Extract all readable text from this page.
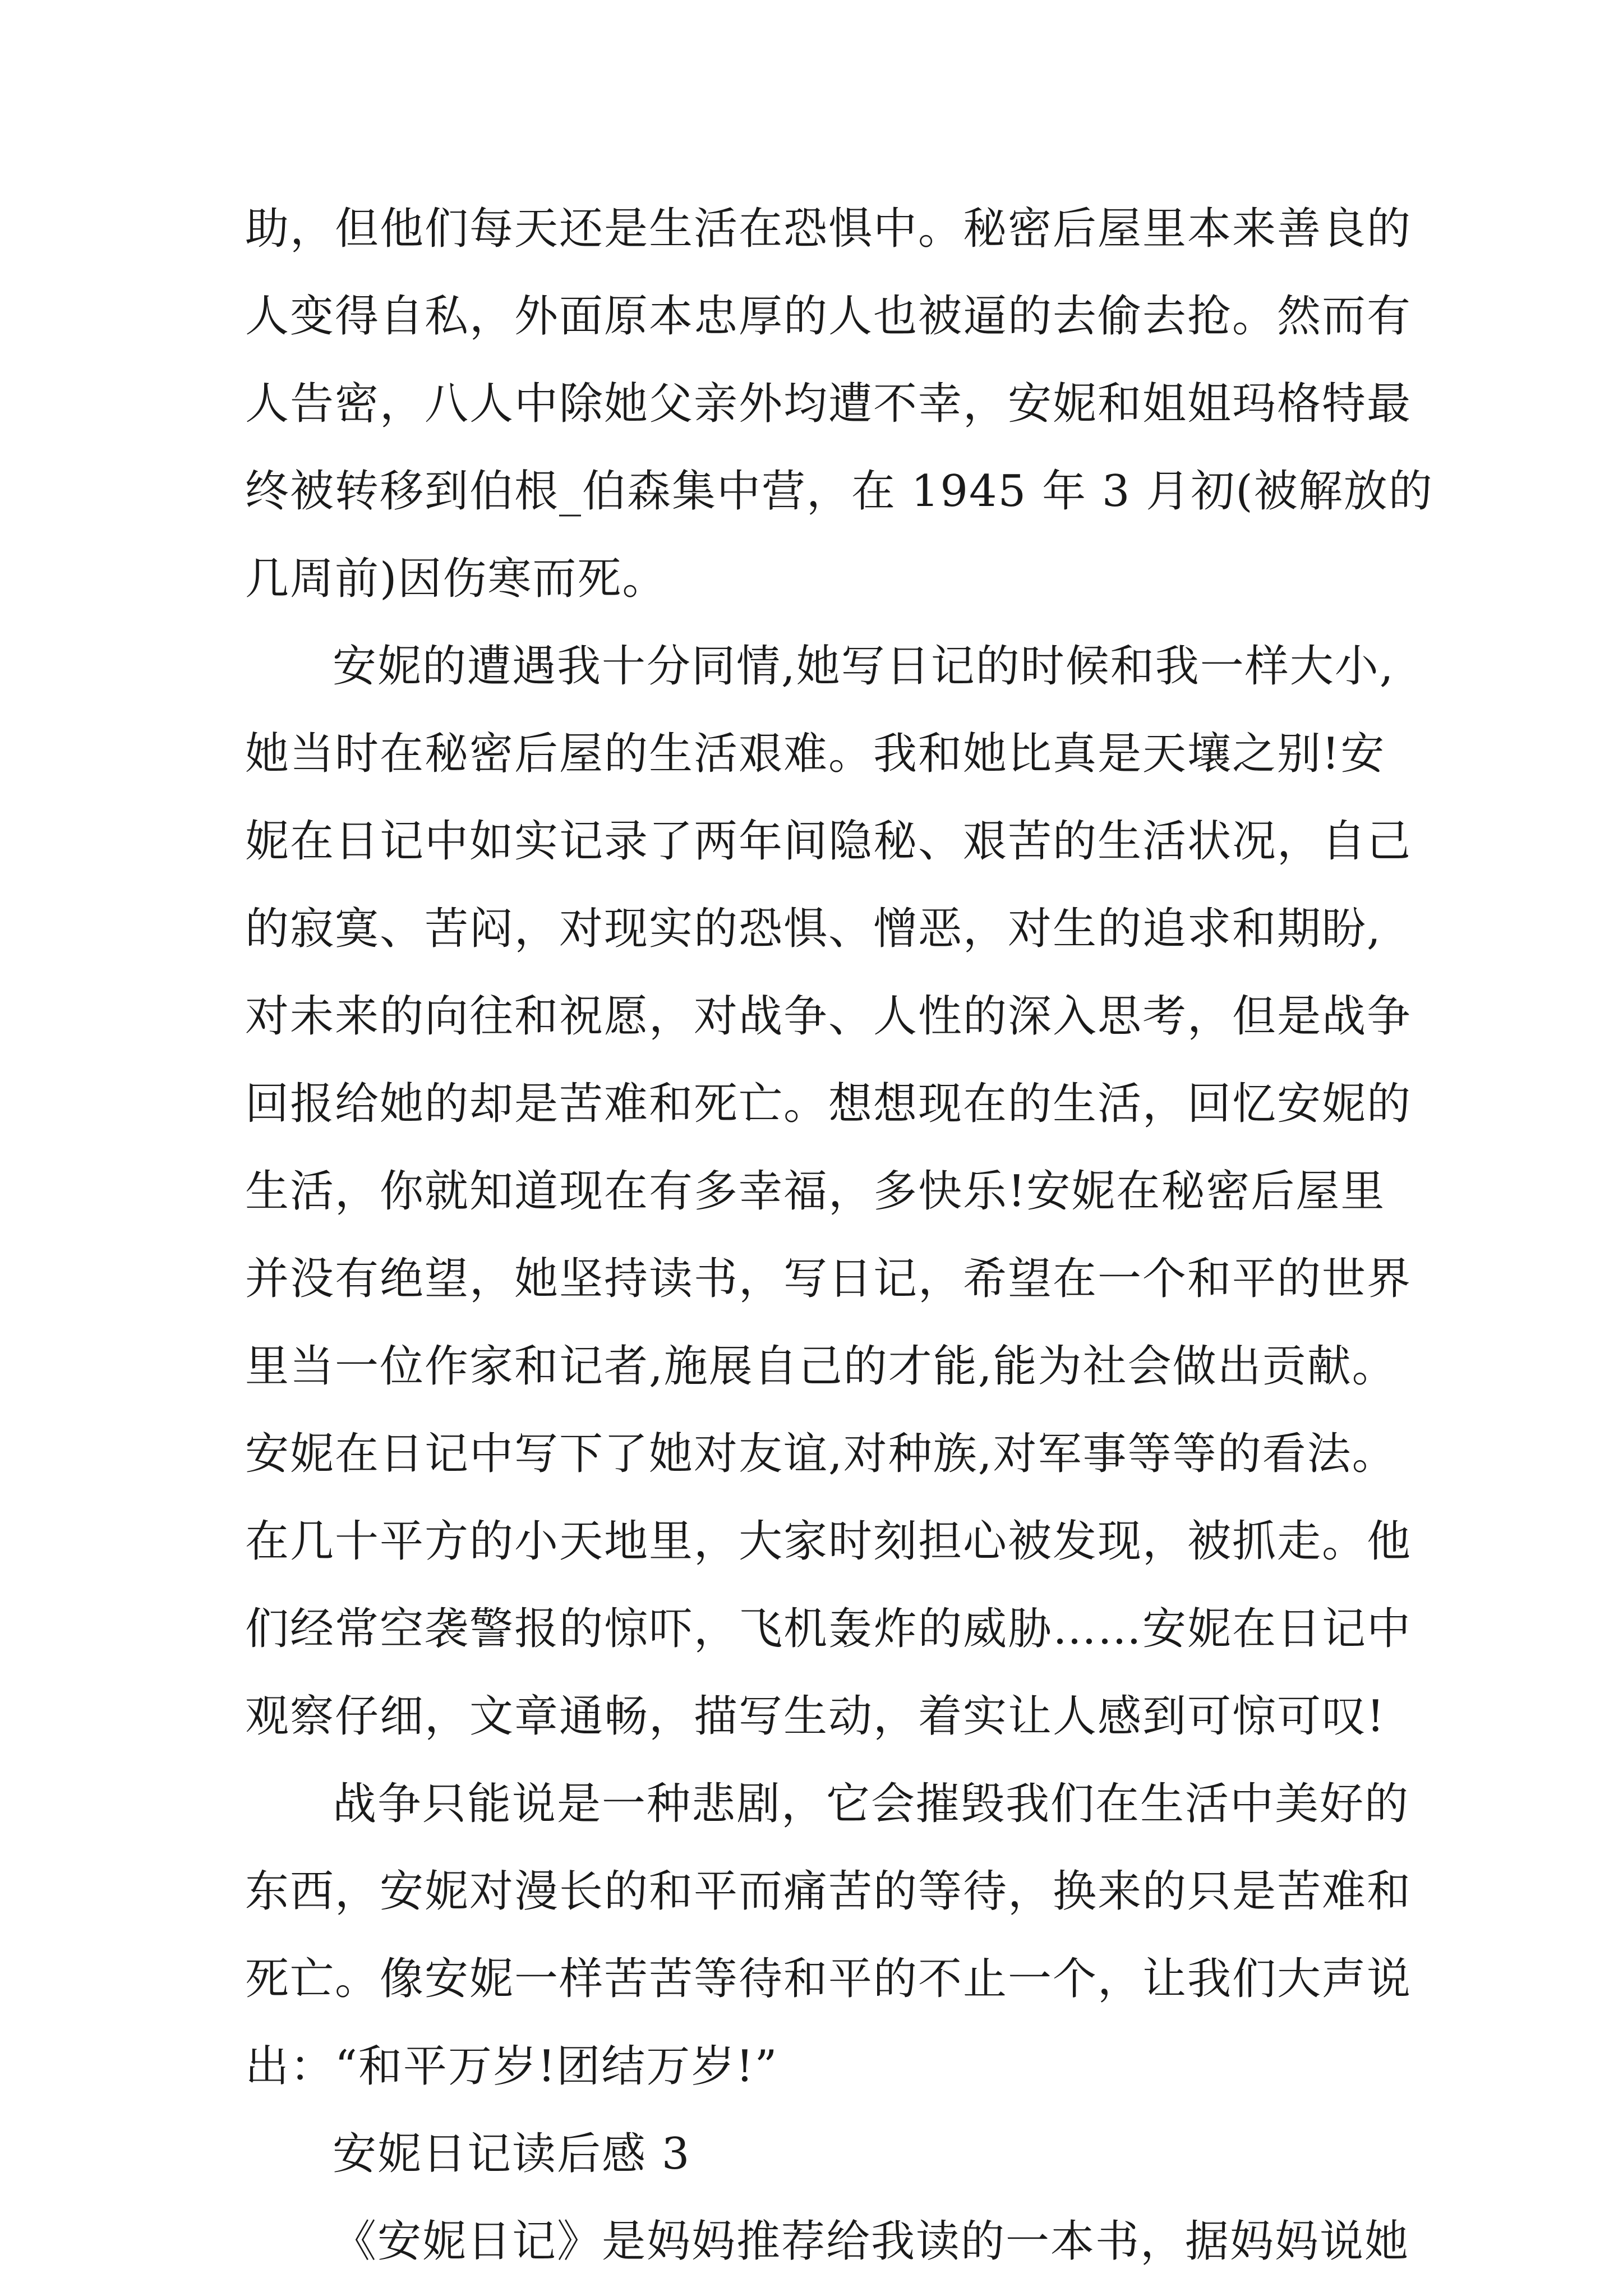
助，但他们每天还是生活在恐惧中。秘密后屋里本来善良的
人变得自私，外面原本忠厚的人也被逼的去偷去抢。然而有
人告密，八人中除她父亲外均遭不幸，安妮和姐姐玛格特最
终被转移到伯根_伯森集中营，在 1945 年 3 月初(被解放的
几周前)因伤寒而死。
安妮的遭遇我十分同情,她写日记的时候和我一样大小,
她当时在秘密后屋的生活艰难。我和她比真是天壤之别!安
妮在日记中如实记录了两年间隐秘、艰苦的生活状况，自己
的寂寞、苦闷，对现实的恐惧、憎恶，对生的追求和期盼,
对未来的向往和祝愿，对战争、人性的深入思考，但是战争
回报给她的却是苦难和死亡。想想现在的生活，回忆安妮的
生活，你就知道现在有多幸福，多快乐!安妮在秘密后屋里
并没有绝望，她坚持读书，写日记，希望在一个和平的世界
里当一位作家和记者,施展自己的才能,能为社会做出贡献。
安妮在日记中写下了她对友谊,对种族,对军事等等的看法。
在几十平方的小天地里，大家时刻担心被发现，被抓走。他
们经常空袭警报的惊吓，飞机轰炸的威胁……安妮在日记中
观察仔细，文章通畅，描写生动，着实让人感到可惊可叹!
战争只能说是一种悲剧，它会摧毁我们在生活中美好的
东西，安妮对漫长的和平而痛苦的等待，换来的只是苦难和
死亡。像安妮一样苦苦等待和平的不止一个，让我们大声说
出：“和平万岁!团结万岁!”
安妮日记读后感 3
《安妮日记》是妈妈推荐给我读的一本书，据妈妈说她
